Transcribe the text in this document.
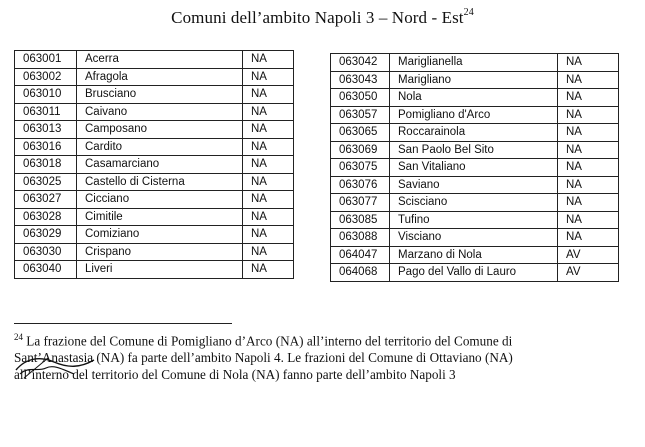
Comuni dell’ambito Napoli 3 – Nord - Est$^{24}$
063001	Acerra	NA
063002	Afragola	NA
063010	Brusciano	NA
063011	Caivano	NA
063013	Camposano	NA
063016	Cardito	NA
063018	Casamarciano	NA
063025	Castello di Cisterna	NA
063027	Cicciano	NA
063028	Cimitile	NA
063029	Comiziano	NA
063030	Crispano	NA
063040	Liveri	NA
063042	Mariglianella	NA
063043	Marigliano	NA
063050	Nola	NA
063057	Pomigliano d'Arco	NA
063065	Roccarainola	NA
063069	San Paolo Bel Sito	NA
063075	San Vitaliano	NA
063076	Saviano	NA
063077	Scisciano	NA
063085	Tufino	NA
063088	Visciano	NA
064047	Marzano di Nola	AV
064068	Pago del Vallo di Lauro	AV
$^{24}$ La frazione del Comune di Pomigliano d’Arco (NA) all’interno del territorio del Comune di
Sant’Anastasia (NA) fa parte dell’ambito Napoli 4. Le frazioni del Comune di Ottaviano (NA)
all’interno del territorio del Comune di Nola (NA) fanno parte dell’ambito Napoli 3
